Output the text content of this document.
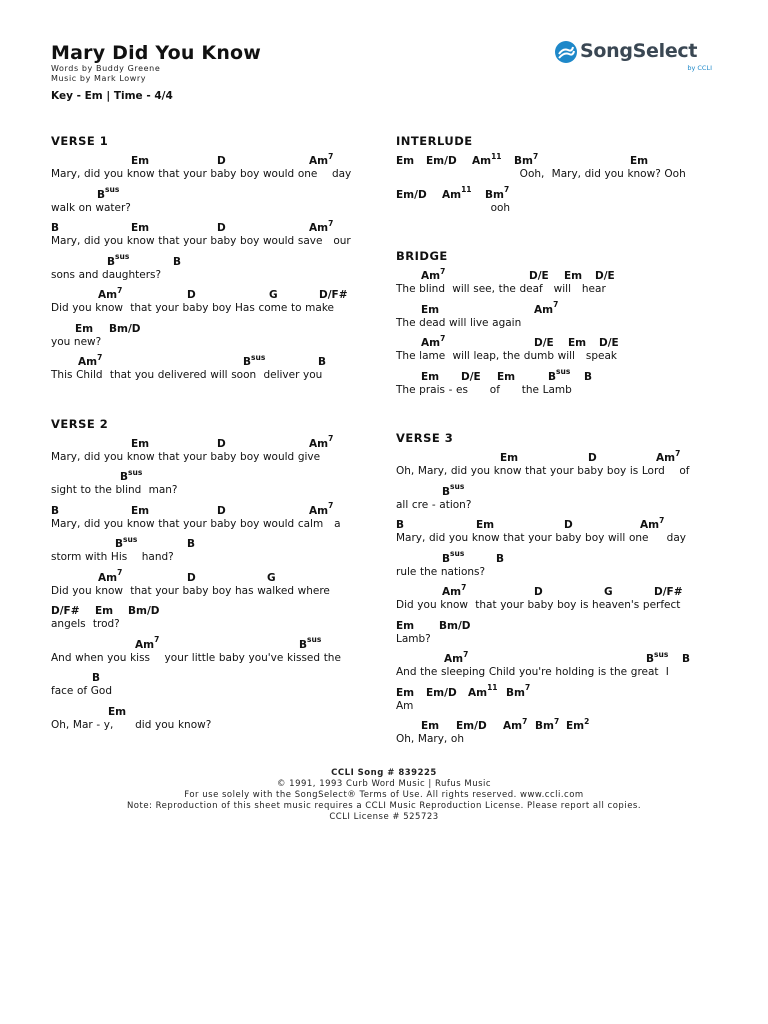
Mary Did You Know
Words by Buddy Greene
Music by Mark Lowry
Key - Em | Time - 4/4
SongSelect
by CCLI
VERSE 1
Em	D	Am$^7$
Mary, did you know that your baby boy would one    day
$B^{sus}$
walk on water?
B	Em	D	Am$^7$
Mary, did you know that your baby boy would save   our
$B^{sus}$	B
sons and daughters?
Am$^7$	D	G	D/F#
Did you know  that your baby boy Has come to make
Em Bm/D
you new?
Am$^7$	$B^{sus}$	B
This Child  that you delivered will soon  deliver you
VERSE 2
Em	D	Am$^7$
Mary, did you know that your baby boy would give
$B^{sus}$
sight to the blind  man?
B	Em	D	Am$^7$
Mary, did you know that your baby boy would calm   a
$B^{sus}$	B
storm with His    hand?
Am$^7$	D	G
Did you know  that your baby boy has walked where
D/F# Em Bm/D
angels  trod?
Am$^7$	$B^{sus}$
And when you kiss    your little baby you've kissed the
B
face of God
Em
Oh, Mar - y,      did you know?
INTERLUDE
Em Em/D Am$^{11}$ Bm$^7$	Em
Ooh,  Mary, did you know? Ooh
Em/D Am$^{11}$ Bm$^7$
ooh
BRIDGE
Am$^7$	D/E Em D/E
The blind  will see, the deaf   will   hear
Em	Am$^7$
The dead will live again
Am$^7$	D/E Em D/E
The lame  will leap, the dumb will   speak
Em D/E Em	$B^{sus}$ B
The prais - es      of      the Lamb
VERSE 3
Em	D	Am$^7$
Oh, Mary, did you know that your baby boy is Lord    of
$B^{sus}$
all cre - ation?
B	Em	D	Am$^7$
Mary, did you know that your baby boy will one     day
$B^{sus}$	B
rule the nations?
Am$^7$	D	G	D/F#
Did you know  that your baby boy is heaven's perfect
Em Bm/D
Lamb?
Am$^7$	$B^{sus}$ B
And the sleeping Child you're holding is the great  I
Em Em/D Am$^{11}$ Bm$^7$
Am
Em Em/D Am$^7$ Bm$^7$ Em$^2$
Oh, Mary, oh
CCLI Song # 839225
© 1991, 1993 Curb Word Music | Rufus Music
For use solely with the SongSelect® Terms of Use. All rights reserved. www.ccli.com
Note: Reproduction of this sheet music requires a CCLI Music Reproduction License. Please report all copies.
CCLI License # 525723
